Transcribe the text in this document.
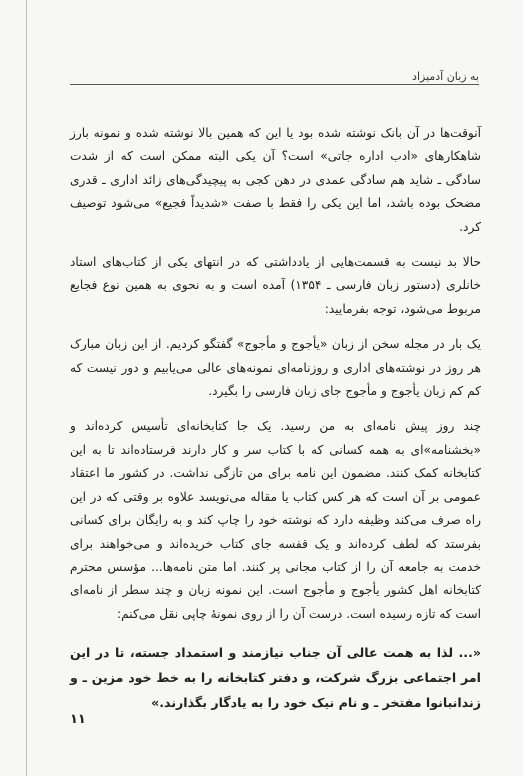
به زبان آدمیزاد

آنوقت‌ها در آن بانک نوشته شده بود یا این که همین بالا نوشته شده و نمونه بارز شاهکارهای «ادب اداره جاتی» است؟ آن یکی البته ممکن است که از شدت سادگی ـ شاید هم سادگی عمدی در دهن کجی به پیچیدگی‌های زائد اداری ـ قدری مضحک بوده باشد، اما این یکی را فقط با صفت «شدیداً فجیع» می‌شود توصیف کرد.

حالا بد نیست به قسمت‌هایی از یادداشتی که در انتهای یکی از کتاب‌های استاد خانلری (دستور زبان فارسی ـ ۱۳۵۴) آمده است و به نحوی به همین نوع فجایع مربوط می‌شود، توجه بفرمایید:

یک بار در مجله سخن از زبان «یأجوج و مأجوج» گفتگو کردیم. از این زبان مبارک هر روز در نوشته‌های اداری و روزنامه‌ای نمونه‌های عالی می‌یابیم و دور نیست که کم کم زبان یأجوج و مأجوج جای زبان فارسی را بگیرد.

چند روز پیش نامه‌ای به من رسید. یک جا کتابخانه‌ای تأسیس کرده‌اند و «بخشنامه»‌ای به همه کسانی که با کتاب سر و کار دارند فرستاده‌اند تا به این کتابخانه کمک کنند. مضمون این نامه برای من تازگی نداشت. در کشور ما اعتقاد عمومی بر آن است که هر کس کتاب یا مقاله می‌نویسد علاوه بر وقتی که در این راه صرف می‌کند وظیفه دارد که نوشته خود را چاپ کند و به رایگان برای کسانی بفرستد که لطف کرده‌اند و یک قفسه جای کتاب خریده‌اند و می‌خواهند برای خدمت به جامعه آن را از کتاب مجانی پر کنند. اما متن نامه‌ها... مؤسس محترم کتابخانه اهل کشور یأجوج و مأجوج است. این نمونه زبان و چند سطر از نامه‌ای است که تازه رسیده است. درست آن را از روی نمونهٔ چاپی نقل می‌کنم:

«... لذا به همت عالی آن جناب نیازمند و استمداد جسته، تا در این امر اجتماعی بزرگ شرکت، و دفتر کتابخانه را به خط خود مزین ـ و زندانبانوا مفتخر ـ و نام نیک خود را به یادگار بگذارند.»

۱۱
